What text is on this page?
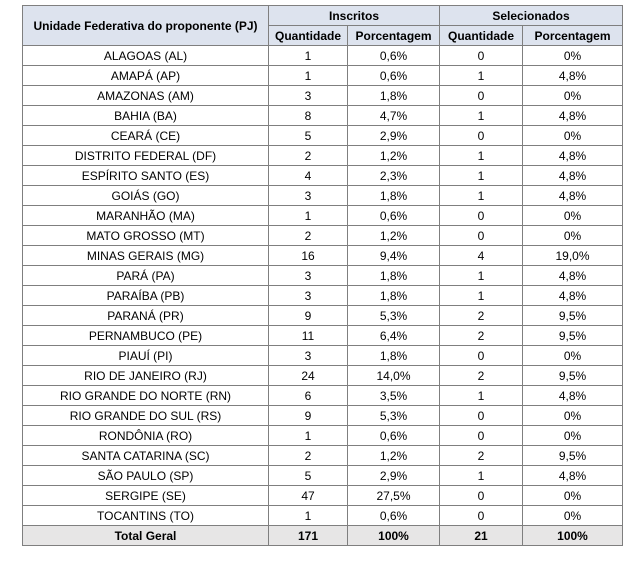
Unidade Federativa do proponente (PJ)	Inscritos		Selecionados	
	Quantidade	Porcentagem	Quantidade	Porcentagem
ALAGOAS (AL)	1	0,6%	0	0%
AMAPÁ (AP)	1	0,6%	1	4,8%
AMAZONAS (AM)	3	1,8%	0	0%
BAHIA (BA)	8	4,7%	1	4,8%
CEARÁ (CE)	5	2,9%	0	0%
DISTRITO FEDERAL (DF)	2	1,2%	1	4,8%
ESPÍRITO SANTO (ES)	4	2,3%	1	4,8%
GOIÁS (GO)	3	1,8%	1	4,8%
MARANHÃO (MA)	1	0,6%	0	0%
MATO GROSSO (MT)	2	1,2%	0	0%
MINAS GERAIS (MG)	16	9,4%	4	19,0%
PARÁ (PA)	3	1,8%	1	4,8%
PARAÍBA (PB)	3	1,8%	1	4,8%
PARANÁ (PR)	9	5,3%	2	9,5%
PERNAMBUCO (PE)	11	6,4%	2	9,5%
PIAUÍ (PI)	3	1,8%	0	0%
RIO DE JANEIRO (RJ)	24	14,0%	2	9,5%
RIO GRANDE DO NORTE (RN)	6	3,5%	1	4,8%
RIO GRANDE DO SUL (RS)	9	5,3%	0	0%
RONDÔNIA (RO)	1	0,6%	0	0%
SANTA CATARINA (SC)	2	1,2%	2	9,5%
SÃO PAULO (SP)	5	2,9%	1	4,8%
SERGIPE (SE)	47	27,5%	0	0%
TOCANTINS (TO)	1	0,6%	0	0%
Total Geral	171	100%	21	100%
